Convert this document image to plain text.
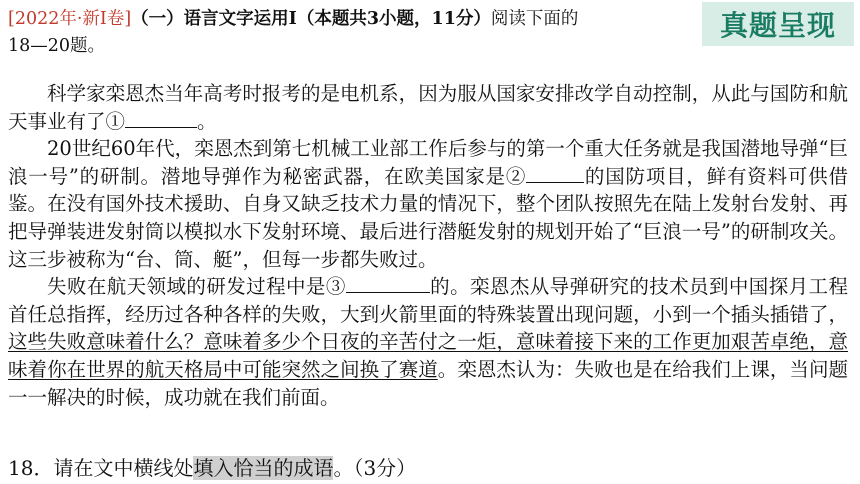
[2022年·新Ⅰ卷]（一）语言文字运用Ⅰ（本题共3小题，11分）阅读下面的
18—20题。
真题呈现

科学家栾恩杰当年高考时报考的是电机系，因为服从国家安排改学自动控制，从此与国防和航天事业有了①	。

20世纪60年代，栾恩杰到第七机械工业部工作后参与的第一个重大任务就是我国潜地导弹“巨浪一号”的研制。潜地导弹作为秘密武器，在欧美国家是②	的国防项目，鲜有资料可供借鉴。在没有国外技术援助、自身又缺乏技术力量的情况下，整个团队按照先在陆上发射台发射、再把导弹装进发射筒以模拟水下发射环境、最后进行潜艇发射的规划开始了“巨浪一号”的研制攻关。这三步被称为“台、筒、艇”，但每一步都失败过。

失败在航天领域的研发过程中是③	的。栾恩杰从导弹研究的技术员到中国探月工程首任总指挥，经历过各种各样的失败，大到火箭里面的特殊装置出现问题，小到一个插头插错了，这些失败意味着什么？意味着多少个日夜的辛苦付之一炬，意味着接下来的工作更加艰苦卓绝，意味着你在世界的航天格局中可能突然之间换了赛道。栾恩杰认为：失败也是在给我们上课，当问题一一解决的时候，成功就在我们前面。

18．请在文中横线处填入恰当的成语。（3分）
